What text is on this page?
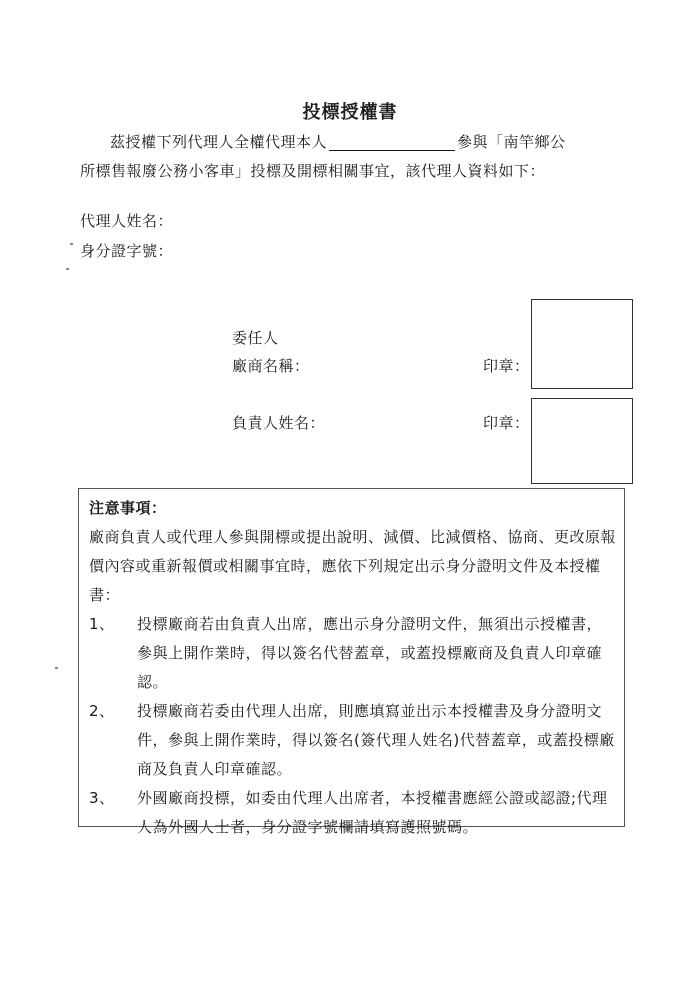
投標授權書

茲授權下列代理人全權代理本人	參與「南竿鄉公

所標售報廢公務小客車」投標及開標相關事宜，該代理人資料如下：

代理人姓名：
身分證字號：
委任人
廠商名稱：	印章：
負責人姓名：	印章：
注意事項：
廠商負責人或代理人參與開標或提出說明、減價、比減價格、協商、更改原報價內容或重新報價或相關事宜時，應依下列規定出示身分證明文件及本授權書：
1、	投標廠商若由負責人出席，應出示身分證明文件，無須出示授權書，參與上開作業時，得以簽名代替蓋章，或蓋投標廠商及負責人印章確認。
2、	投標廠商若委由代理人出席，則應填寫並出示本授權書及身分證明文件，參與上開作業時，得以簽名(簽代理人姓名)代替蓋章，或蓋投標廠商及負責人印章確認。
3、	外國廠商投標，如委由代理人出席者，本授權書應經公證或認證;代理人為外國人士者，身分證字號欄請填寫護照號碼。
